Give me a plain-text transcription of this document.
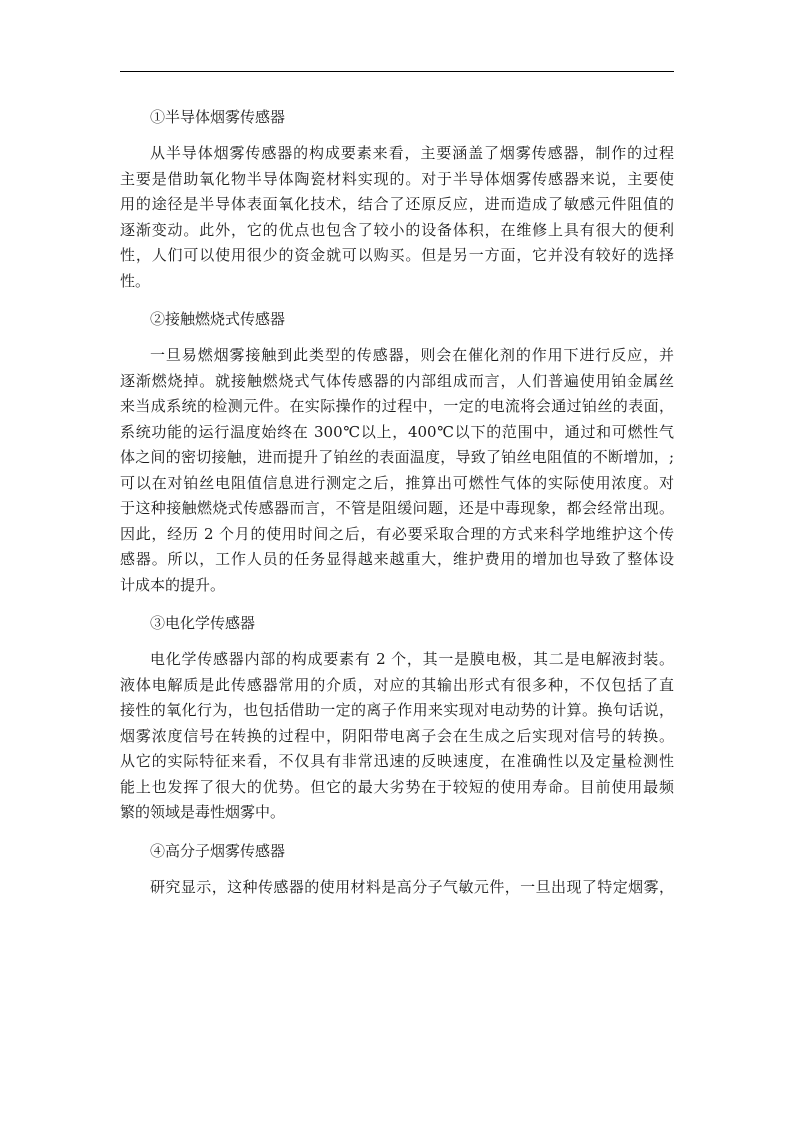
①半导体烟雾传感器
从半导体烟雾传感器的构成要素来看，主要涵盖了烟雾传感器，制作的过程
主要是借助氧化物半导体陶瓷材料实现的。对于半导体烟雾传感器来说，主要使
用的途径是半导体表面氧化技术，结合了还原反应，进而造成了敏感元件阻值的
逐渐变动。此外，它的优点也包含了较小的设备体积，在维修上具有很大的便利
性，人们可以使用很少的资金就可以购买。但是另一方面，它并没有较好的选择
性。
②接触燃烧式传感器
一旦易燃烟雾接触到此类型的传感器，则会在催化剂的作用下进行反应，并
逐渐燃烧掉。就接触燃烧式气体传感器的内部组成而言，人们普遍使用铂金属丝
来当成系统的检测元件。在实际操作的过程中，一定的电流将会通过铂丝的表面，
系统功能的运行温度始终在 300℃以上，400℃以下的范围中，通过和可燃性气
体之间的密切接触，进而提升了铂丝的表面温度，导致了铂丝电阻值的不断增加，;
可以在对铂丝电阻值信息进行测定之后，推算出可燃性气体的实际使用浓度。对
于这种接触燃烧式传感器而言，不管是阻缓问题，还是中毒现象，都会经常出现。
因此，经历 2 个月的使用时间之后，有必要采取合理的方式来科学地维护这个传
感器。所以，工作人员的任务显得越来越重大，维护费用的增加也导致了整体设
计成本的提升。
③电化学传感器
电化学传感器内部的构成要素有 2 个，其一是膜电极，其二是电解液封装。
液体电解质是此传感器常用的介质，对应的其输出形式有很多种，不仅包括了直
接性的氧化行为，也包括借助一定的离子作用来实现对电动势的计算。换句话说，
烟雾浓度信号在转换的过程中，阴阳带电离子会在生成之后实现对信号的转换。
从它的实际特征来看，不仅具有非常迅速的反映速度，在准确性以及定量检测性
能上也发挥了很大的优势。但它的最大劣势在于较短的使用寿命。目前使用最频
繁的领域是毒性烟雾中。
④高分子烟雾传感器
研究显示，这种传感器的使用材料是高分子气敏元件，一旦出现了特定烟雾，
